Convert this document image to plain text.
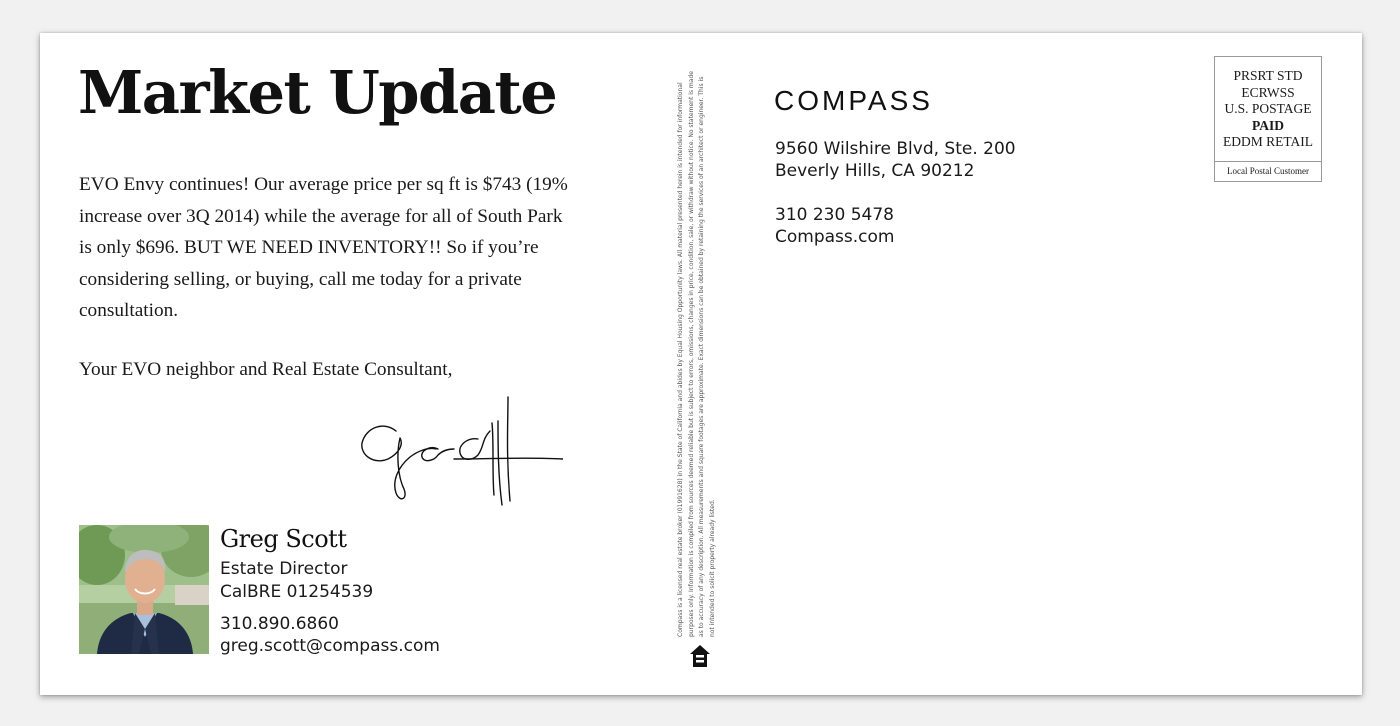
Market Update

EVO Envy continues! Our average price per sq ft is $743 (19% increase over 3Q 2014) while the average for all of South Park is only $696. BUT WE NEED INVENTORY!! So if you’re considering selling, or buying, call me today for a private consultation.

Your EVO neighbor and Real Estate Consultant,

Greg Scott
Estate Director
CalBRE 01254539
310.890.6860
greg.scott@compass.com

Compass is a licensed real estate broker (01991628) in the State of California and abides by Equal Housing Opportunity laws. All material presented herein is intended for informational purposes only. Information is compiled from sources deemed reliable but is subject to errors, omissions, changes in price, condition, sale, or withdraw without notice. No statement is made as to accuracy of any description. All measurements and square footages are approximate. Exact dimensions can be obtained by retaining the services of an architect or engineer. This is not intended to solicit property already listed.

COMPASS
9560 Wilshire Blvd, Ste. 200
Beverly Hills, CA 90212
310 230 5478
Compass.com
PRSRT STD
ECRWSS
U.S. POSTAGE
PAID
EDDM RETAIL
Local Postal Customer
